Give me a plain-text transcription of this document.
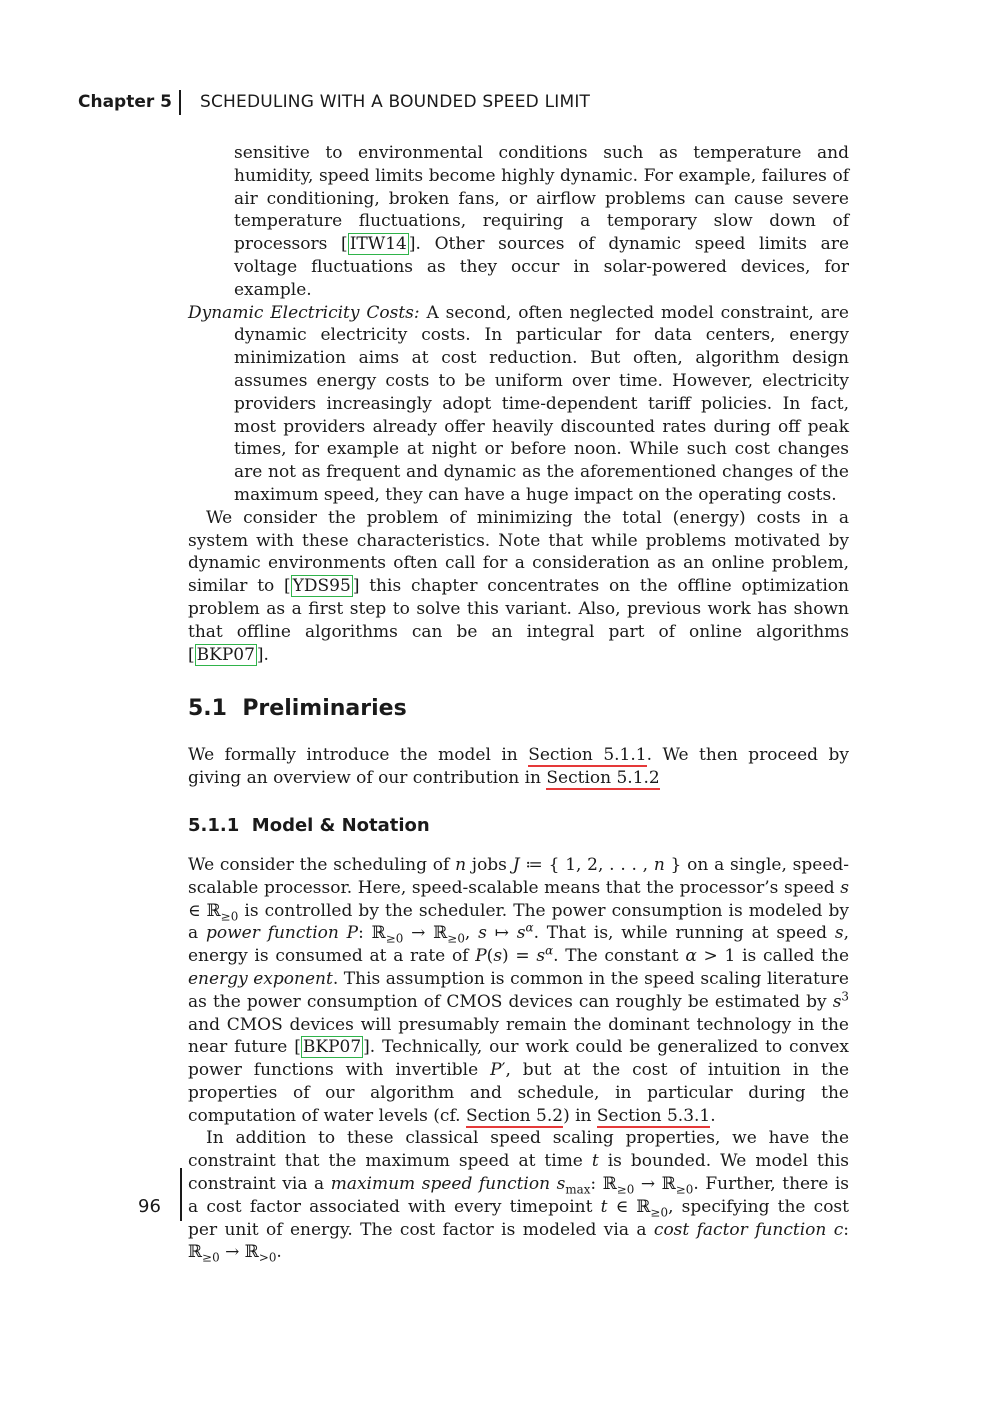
Chapter 5 SCHEDULING WITH A BOUNDED SPEED LIMIT

sensitive to environmental conditions such as temperature and humidity, speed limits become highly dynamic. For example, failures of air conditioning, broken fans, or airflow problems can cause severe temperature fluctuations, requiring a temporary slow down of processors [ ITW14 ]. Other sources of dynamic speed limits are voltage fluctuations as they occur in solar-powered devices, for example.

Dynamic Electricity Costs: A second, often neglected model constraint, are dynamic electricity costs. In particular for data centers, energy minimization aims at cost reduction. But often, algorithm design assumes energy costs to be uniform over time. However, electricity providers increasingly adopt time-dependent tariff policies. In fact, most providers already offer heavily discounted rates during off peak times, for example at night or before noon. While such cost changes are not as frequent and dynamic as the aforementioned changes of the maximum speed, they can have a huge impact on the operating costs.

We consider the problem of minimizing the total (energy) costs in a system with these characteristics. Note that while problems motivated by dynamic environments often call for a consideration as an online problem, similar to [ YDS95 ] this chapter concentrates on the offline optimization problem as a first step to solve this variant. Also, previous work has shown that offline algorithms can be an integral part of online algorithms [ BKP07 ].

5.1 Preliminaries

We formally introduce the model in Section 5.1.1. We then proceed by giving an overview of our contribution in Section 5.1.2

5.1.1 Model & Notation

We consider the scheduling of n jobs J ≔ { 1, 2, . . . , n } on a single, speed-scalable processor. Here, speed-scalable means that the processor’s speed s ∈ ℝ$_{\ge 0}$ is controlled by the scheduler. The power consumption is modeled by a power function P: ℝ$_{\ge 0}$ → ℝ$_{\ge 0}$, s ↦ $s^\alpha$. That is, while running at speed s, energy is consumed at a rate of $P(s) = s^\alpha$. The constant α > 1 is called the energy exponent. This assumption is common in the speed scaling literature as the power consumption of CMOS devices can roughly be estimated by $s^3$ and CMOS devices will presumably remain the dominant technology in the near future [ BKP07 ]. Technically, our work could be generalized to convex power functions with invertible P′, but at the cost of intuition in the properties of our algorithm and schedule, in particular during the computation of water levels (cf. Section 5.2) in Section 5.3.1.

In addition to these classical speed scaling properties, we have the constraint that the maximum speed at time t is bounded. We model this constraint via a maximum speed function $s_{max}$: ℝ$_{\ge 0}$ → ℝ$_{\ge 0}$. Further, there is a cost factor associated with every timepoint t ∈ ℝ$_{\ge 0}$, specifying the cost per unit of energy. The cost factor is modeled via a cost factor function c: ℝ$_{\ge 0}$ → ℝ$_{>0}$.

96
